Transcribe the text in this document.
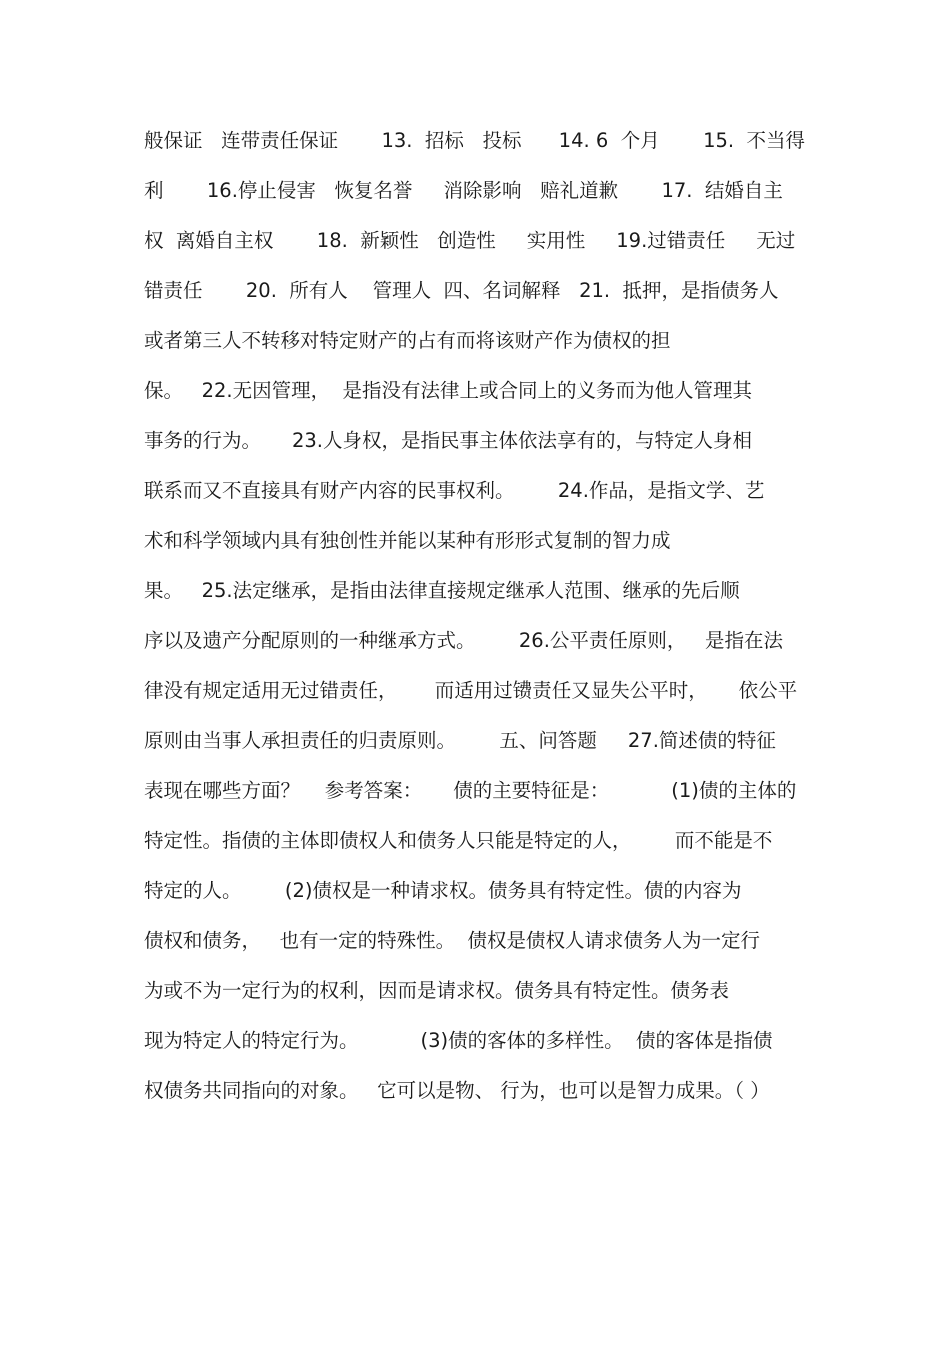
般保证   连带责任保证       13.  招标   投标      14. 6  个月       15.  不当得
利       16.停止侵害   恢复名誉     消除影响   赔礼道歉       17.  结婚自主
权  离婚自主权       18.  新颖性   创造性     实用性     19.过错责任     无过
错责任       20.  所有人    管理人  四、名词解释   21.  抵押，是指债务人
或者第三人不转移对特定财产的占有而将该财产作为债权的担
保。   22.无因管理，  是指没有法律上或合同上的义务而为他人管理其
事务的行为。     23.人身权，是指民事主体依法享有的，与特定人身相
联系而又不直接具有财产内容的民事权利。       24.作品，是指文学、艺
术和科学领域内具有独创性并能以某种有形形式复制的智力成
果。   25.法定继承，是指由法律直接规定继承人范围、继承的先后顺
序以及遗产分配原则的一种继承方式。       26.公平责任原则，   是指在法
律没有规定适用无过错责任，      而适用过镄责任又显失公平时，     依公平
原则由当事人承担责任的归责原则。       五、问答题     27.简述债的特征
表现在哪些方面？    参考答案：     债的主要特征是：          (1)债的主体的
特定性。指债的主体即债权人和债务人只能是特定的人，       而不能是不
特定的人。       (2)债权是一种请求权。债务具有特定性。债的内容为
债权和债务，   也有一定的特殊性。  债权是债权人请求债务人为一定行
为或不为一定行为的权利，因而是请求权。债务具有特定性。债务表
现为特定人的特定行为。          (3)债的客体的多样性。  债的客体是指债
权债务共同指向的对象。   它可以是物、 行为，也可以是智力成果。（ ）
